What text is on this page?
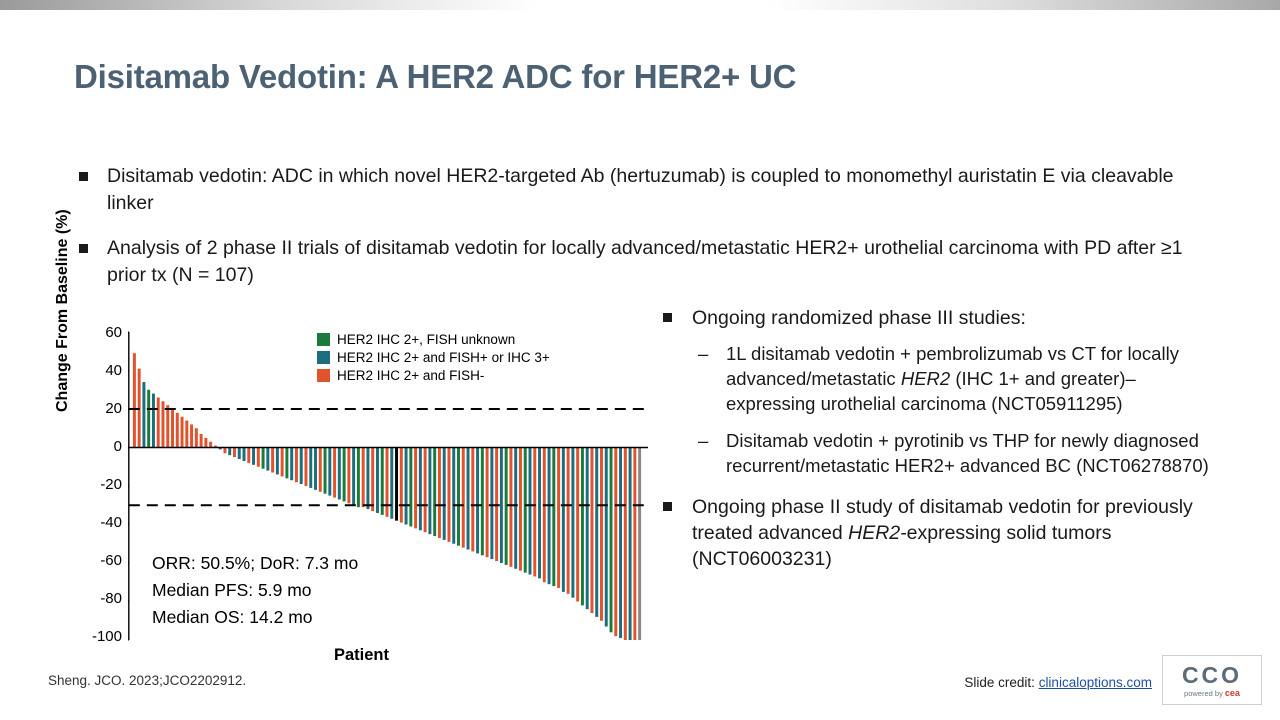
Disitamab Vedotin: A HER2 ADC for HER2+ UC
Disitamab vedotin: ADC in which novel HER2-targeted Ab (hertuzumab) is coupled to monomethyl auristatin E via cleavable linker
Analysis of 2 phase II trials of disitamab vedotin for locally advanced/metastatic HER2+ urothelial carcinoma with PD after ≥1 prior tx (N = 107)
Change From Baseline (%)
Patient
60
40
20
0
-20
-40
-60
-80
-100
HER2 IHC 2+, FISH unknown
HER2 IHC 2+ and FISH+ or IHC 3+
HER2 IHC 2+ and FISH-
ORR: 50.5%; DoR: 7.3 mo
Median PFS: 5.9 mo
Median OS: 14.2 mo
Ongoing randomized phase III studies:
– 1L disitamab vedotin + pembrolizumab vs CT for locally advanced/metastatic HER2 (IHC 1+ and greater)–expressing urothelial carcinoma (NCT05911295)
– Disitamab vedotin + pyrotinib vs THP for newly diagnosed recurrent/metastatic HER2+ advanced BC (NCT06278870)
Ongoing phase II study of disitamab vedotin for previously treated advanced HER2-expressing solid tumors (NCT06003231)
Sheng. JCO. 2023;JCO2202912.	Slide credit: clinicaloptions.com CCO
powered by cea
